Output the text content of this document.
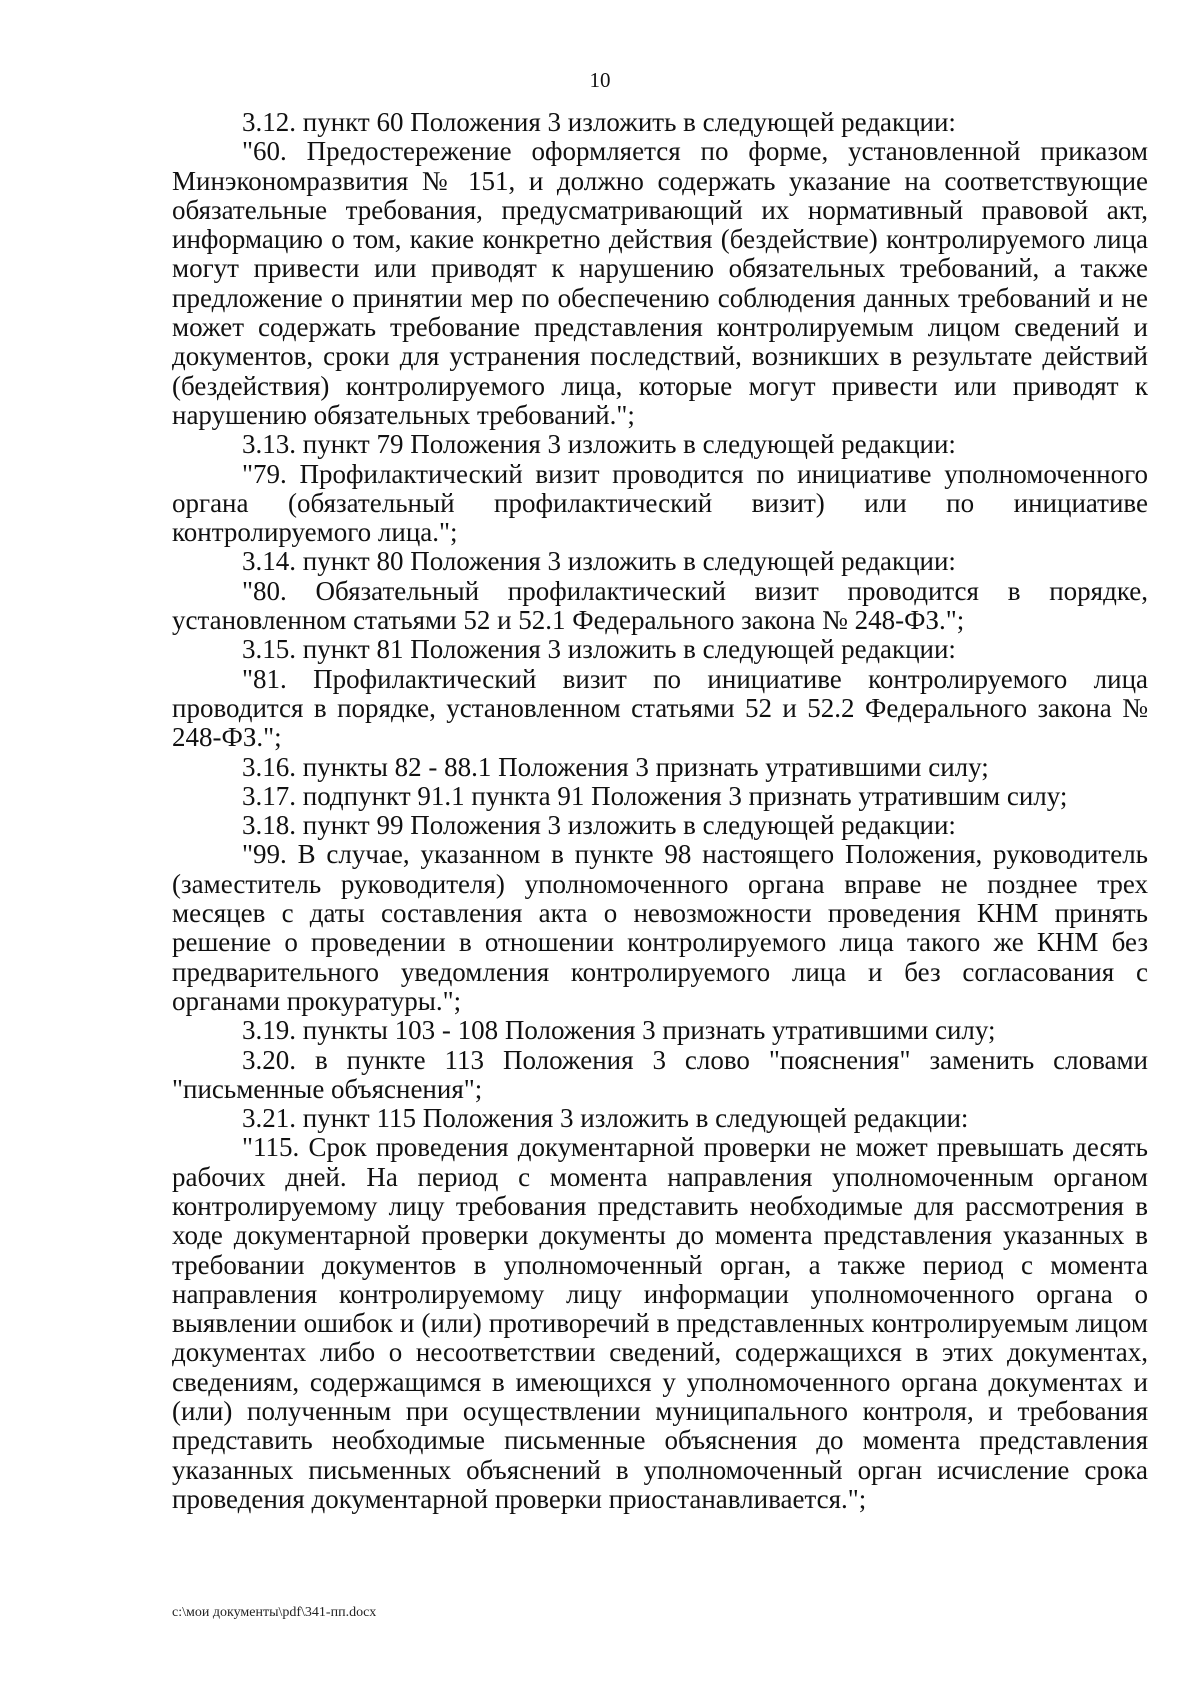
10

3.12. пункт 60 Положения 3 изложить в следующей редакции:

"60. Предостережение оформляется по форме, установленной приказом Минэкономразвития № 151, и должно содержать указание на соответствующие обязательные требования, предусматривающий их нормативный правовой акт, информацию о том, какие конкретно действия (бездействие) контролируемого лица могут привести или приводят к нарушению обязательных требований, а также предложение о принятии мер по обеспечению соблюдения данных требований и не может содержать требование представления контролируемым лицом сведений и документов, сроки для устранения последствий, возникших в результате действий (бездействия) контролируемого лица, которые могут привести или приводят к нарушению обязательных требований.";

3.13. пункт 79 Положения 3 изложить в следующей редакции:

"79. Профилактический визит проводится по инициативе уполномоченного органа (обязательный профилактический визит) или по инициативе контролируемого лица.";

3.14. пункт 80 Положения 3 изложить в следующей редакции:

"80. Обязательный профилактический визит проводится в порядке, установленном статьями 52 и 52.1 Федерального закона № 248-ФЗ.";

3.15. пункт 81 Положения 3 изложить в следующей редакции:

"81. Профилактический визит по инициативе контролируемого лица проводится в порядке, установленном статьями 52 и 52.2 Федерального закона № 248-ФЗ.";

3.16. пункты 82 - 88.1 Положения 3 признать утратившими силу;

3.17. подпункт 91.1 пункта 91 Положения 3 признать утратившим силу;

3.18. пункт 99 Положения 3 изложить в следующей редакции:

"99. В случае, указанном в пункте 98 настоящего Положения, руководитель (заместитель руководителя) уполномоченного органа вправе не позднее трех месяцев с даты составления акта о невозможности проведения КНМ принять решение о проведении в отношении контролируемого лица такого же КНМ без предварительного уведомления контролируемого лица и без согласования с органами прокуратуры.";

3.19. пункты 103 - 108 Положения 3 признать утратившими силу;

3.20. в пункте 113 Положения 3 слово "пояснения" заменить словами "письменные объяснения";

3.21. пункт 115 Положения 3 изложить в следующей редакции:

"115. Срок проведения документарной проверки не может превышать десять рабочих дней. На период с момента направления уполномоченным органом контролируемому лицу требования представить необходимые для рассмотрения в ходе документарной проверки документы до момента представления указанных в требовании документов в уполномоченный орган, а также период с момента направления контролируемому лицу информации уполномоченного органа о выявлении ошибок и (или) противоречий в представленных контролируемым лицом документах либо о несоответствии сведений, содержащихся в этих документах, сведениям, содержащимся в имеющихся у уполномоченного органа документах и (или) полученным при осуществлении муниципального контроля, и требования представить необходимые письменные объяснения до момента представления указанных письменных объяснений в уполномоченный орган исчисление срока проведения документарной проверки приостанавливается.";

c:\мои документы\pdf\341-пп.docx
